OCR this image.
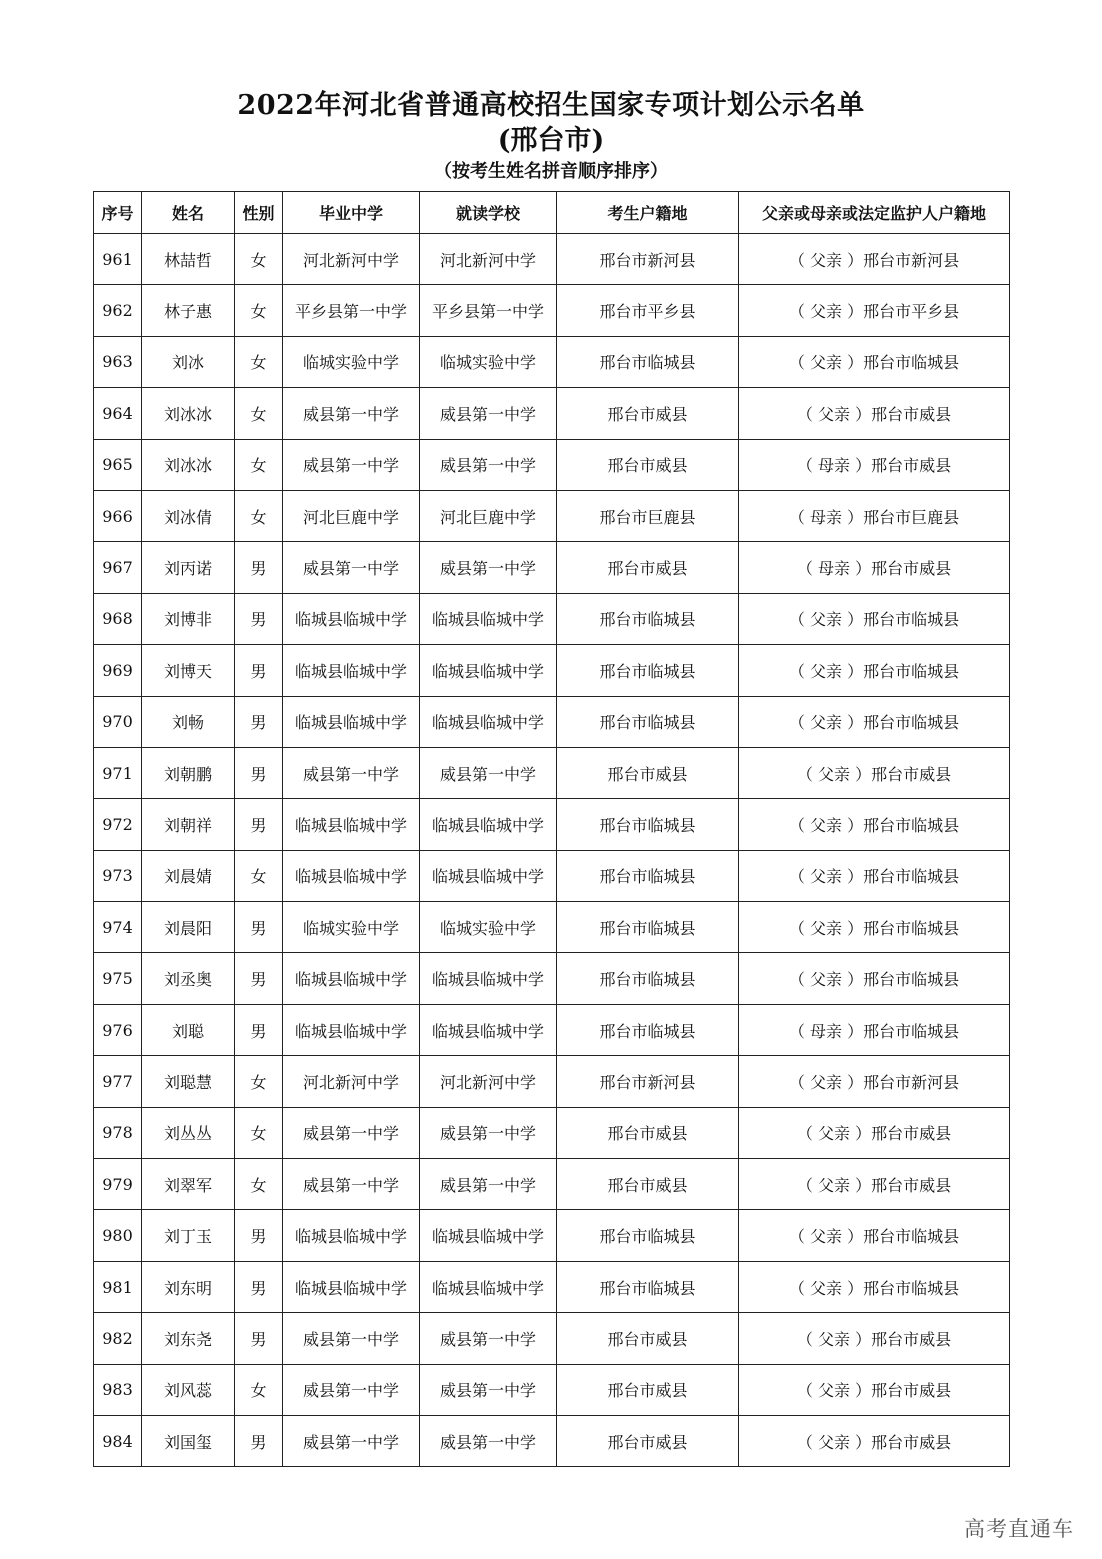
2022年河北省普通高校招生国家专项计划公示名单
(邢台市)
（按考生姓名拼音顺序排序）
序号	姓名	性别	毕业中学	就读学校	考生户籍地	父亲或母亲或法定监护人户籍地
961	林喆哲	女	河北新河中学	河北新河中学	邢台市新河县	（ 父亲 ）邢台市新河县
962	林子惠	女	平乡县第一中学	平乡县第一中学	邢台市平乡县	（ 父亲 ）邢台市平乡县
963	刘冰	女	临城实验中学	临城实验中学	邢台市临城县	（ 父亲 ）邢台市临城县
964	刘冰冰	女	威县第一中学	威县第一中学	邢台市威县	（ 父亲 ）邢台市威县
965	刘冰冰	女	威县第一中学	威县第一中学	邢台市威县	（ 母亲 ）邢台市威县
966	刘冰倩	女	河北巨鹿中学	河北巨鹿中学	邢台市巨鹿县	（ 母亲 ）邢台市巨鹿县
967	刘丙诺	男	威县第一中学	威县第一中学	邢台市威县	（ 母亲 ）邢台市威县
968	刘博非	男	临城县临城中学	临城县临城中学	邢台市临城县	（ 父亲 ）邢台市临城县
969	刘博天	男	临城县临城中学	临城县临城中学	邢台市临城县	（ 父亲 ）邢台市临城县
970	刘畅	男	临城县临城中学	临城县临城中学	邢台市临城县	（ 父亲 ）邢台市临城县
971	刘朝鹏	男	威县第一中学	威县第一中学	邢台市威县	（ 父亲 ）邢台市威县
972	刘朝祥	男	临城县临城中学	临城县临城中学	邢台市临城县	（ 父亲 ）邢台市临城县
973	刘晨婧	女	临城县临城中学	临城县临城中学	邢台市临城县	（ 父亲 ）邢台市临城县
974	刘晨阳	男	临城实验中学	临城实验中学	邢台市临城县	（ 父亲 ）邢台市临城县
975	刘丞奥	男	临城县临城中学	临城县临城中学	邢台市临城县	（ 父亲 ）邢台市临城县
976	刘聪	男	临城县临城中学	临城县临城中学	邢台市临城县	（ 母亲 ）邢台市临城县
977	刘聪慧	女	河北新河中学	河北新河中学	邢台市新河县	（ 父亲 ）邢台市新河县
978	刘丛丛	女	威县第一中学	威县第一中学	邢台市威县	（ 父亲 ）邢台市威县
979	刘翠军	女	威县第一中学	威县第一中学	邢台市威县	（ 父亲 ）邢台市威县
980	刘丁玉	男	临城县临城中学	临城县临城中学	邢台市临城县	（ 父亲 ）邢台市临城县
981	刘东明	男	临城县临城中学	临城县临城中学	邢台市临城县	（ 父亲 ）邢台市临城县
982	刘东尧	男	威县第一中学	威县第一中学	邢台市威县	（ 父亲 ）邢台市威县
983	刘风蕊	女	威县第一中学	威县第一中学	邢台市威县	（ 父亲 ）邢台市威县
984	刘国玺	男	威县第一中学	威县第一中学	邢台市威县	（ 父亲 ）邢台市威县
高考直通车
